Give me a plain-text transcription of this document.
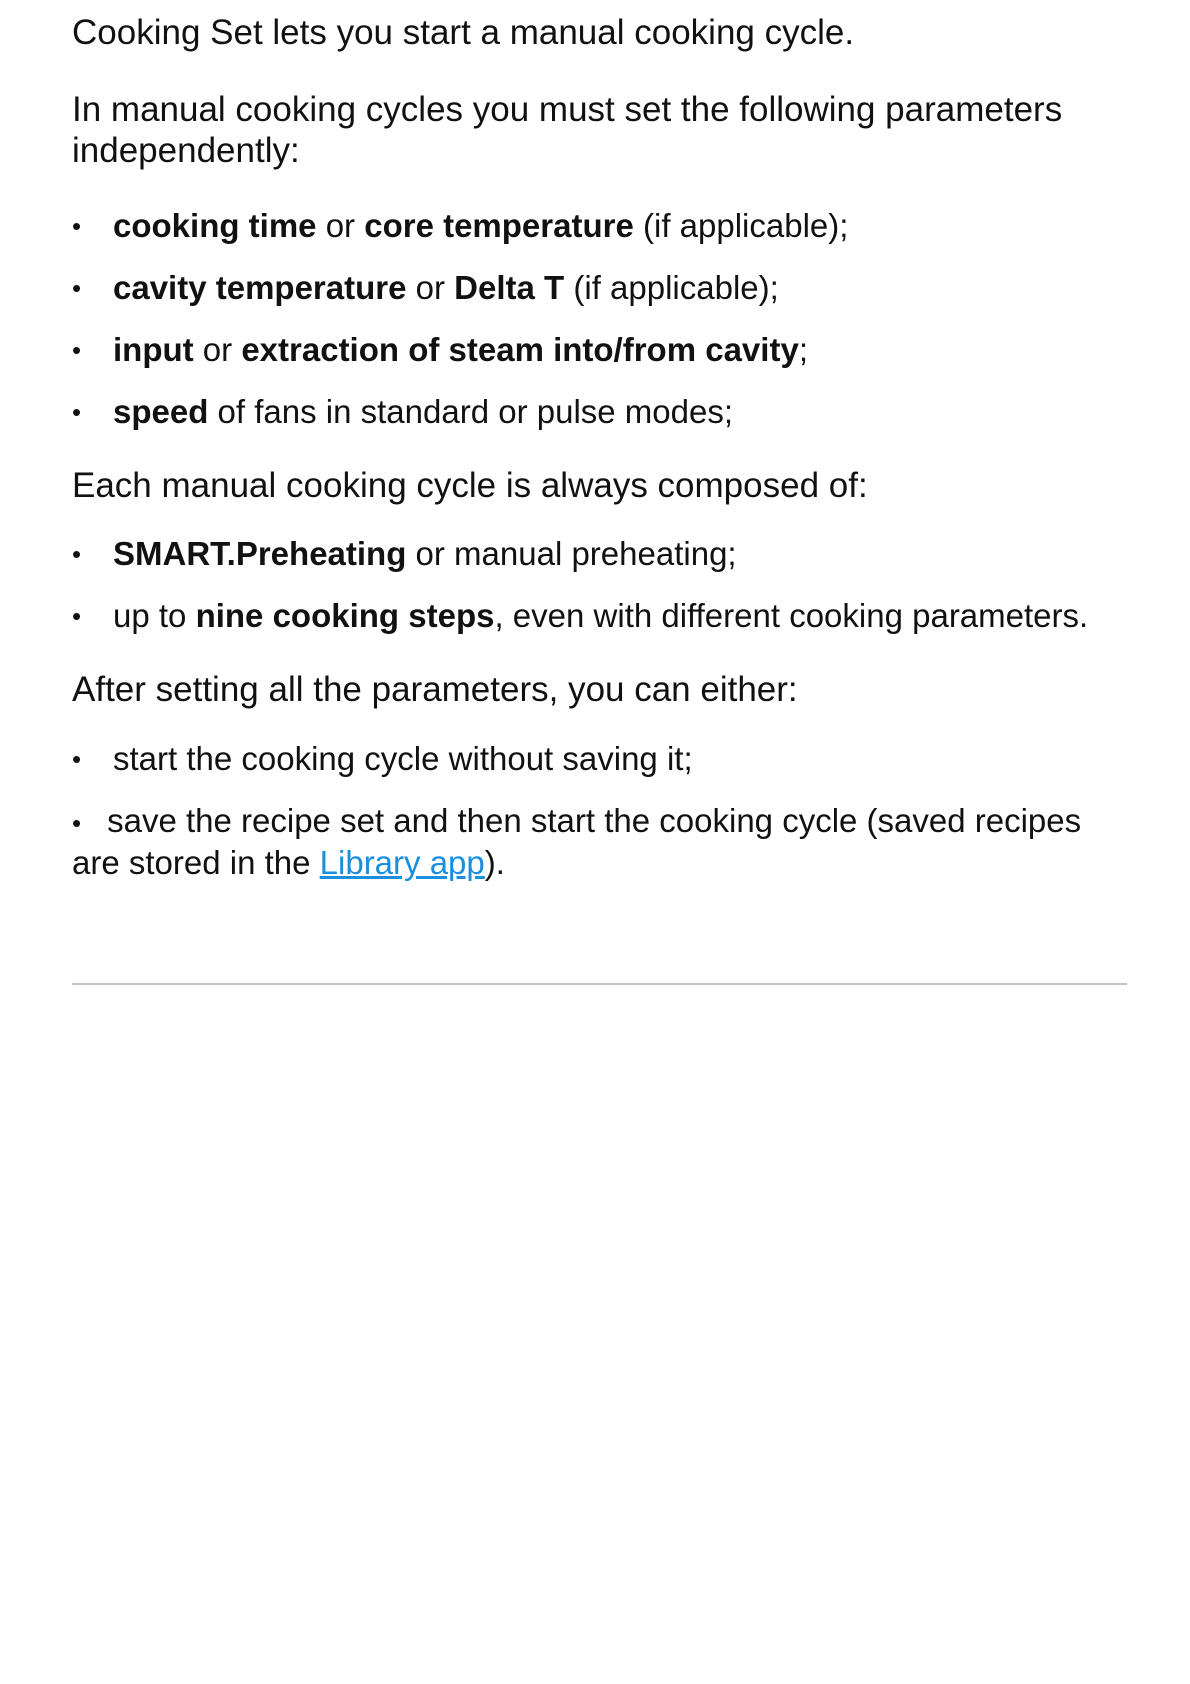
Cooking Set lets you start a manual cooking cycle.

In manual cooking cycles you must set the following parameters independently:

• cooking time or core temperature (if applicable);
• cavity temperature or Delta T (if applicable);
• input or extraction of steam into/from cavity;
• speed of fans in standard or pulse modes;

Each manual cooking cycle is always composed of:

• SMART.Preheating or manual preheating;
• up to nine cooking steps, even with different cooking parameters.

After setting all the parameters, you can either:

• start the cooking cycle without saving it;
• save the recipe set and then start the cooking cycle (saved recipes are stored in the Library app).
